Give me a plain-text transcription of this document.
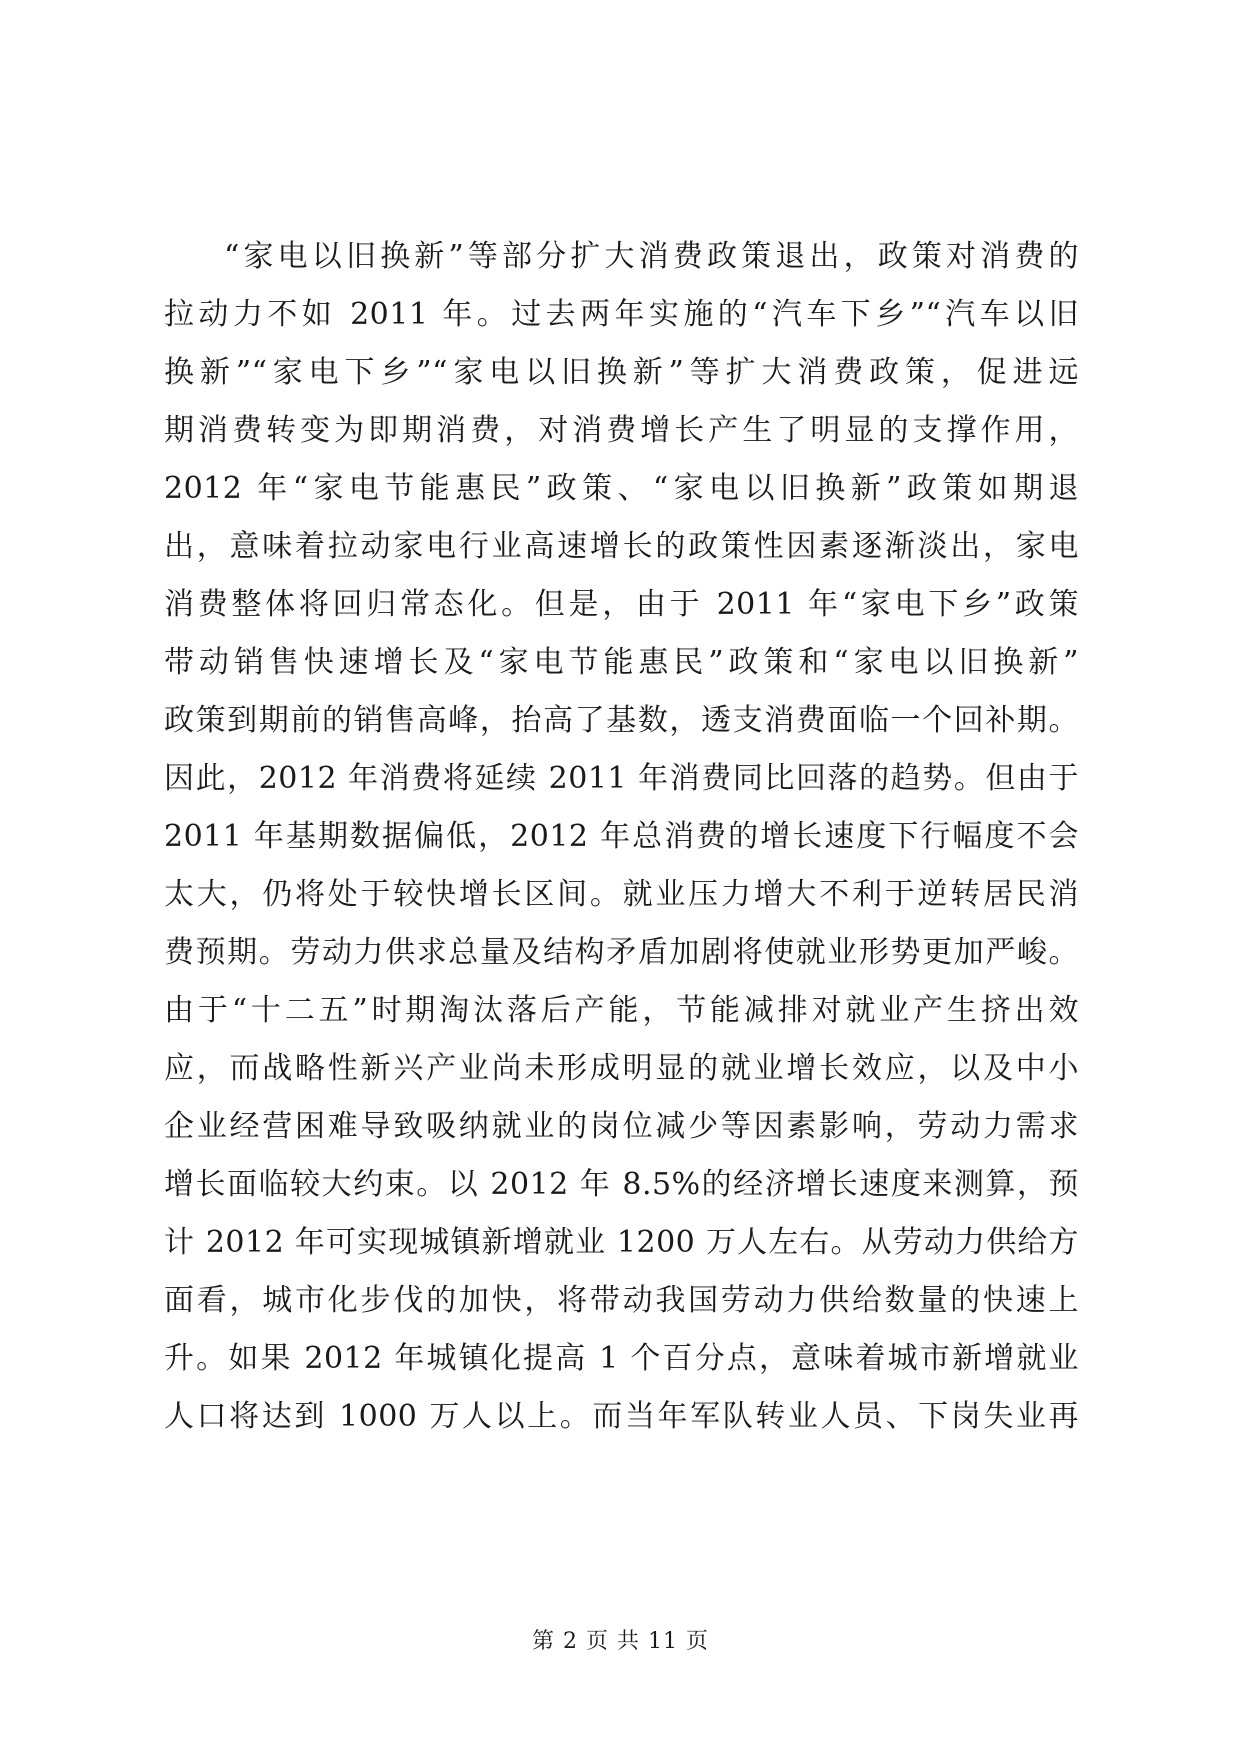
“家电以旧换新”等部分扩大消费政策退出，政策对消费的
拉动力不如 2011 年。过去两年实施的“汽车下乡”“汽车以旧
换新”“家电下乡”“家电以旧换新”等扩大消费政策，促进远
期消费转变为即期消费，对消费增长产生了明显的支撑作用，
2012 年“家电节能惠民”政策、“家电以旧换新”政策如期退
出，意味着拉动家电行业高速增长的政策性因素逐渐淡出，家电
消费整体将回归常态化。但是，由于 2011 年“家电下乡”政策
带动销售快速增长及“家电节能惠民”政策和“家电以旧换新”
政策到期前的销售高峰，抬高了基数，透支消费面临一个回补期。
因此，2012 年消费将延续 2011 年消费同比回落的趋势。但由于
2011 年基期数据偏低，2012 年总消费的增长速度下行幅度不会
太大，仍将处于较快增长区间。就业压力增大不利于逆转居民消
费预期。劳动力供求总量及结构矛盾加剧将使就业形势更加严峻。
由于“十二五”时期淘汰落后产能，节能减排对就业产生挤出效
应，而战略性新兴产业尚未形成明显的就业增长效应，以及中小
企业经营困难导致吸纳就业的岗位减少等因素影响，劳动力需求
增长面临较大约束。以 2012 年 8.5%的经济增长速度来测算，预
计 2012 年可实现城镇新增就业 1200 万人左右。从劳动力供给方
面看，城市化步伐的加快，将带动我国劳动力供给数量的快速上
升。如果 2012 年城镇化提高 1 个百分点，意味着城市新增就业
人口将达到 1000 万人以上。而当年军队转业人员、下岗失业再
第 2 页 共 11 页
